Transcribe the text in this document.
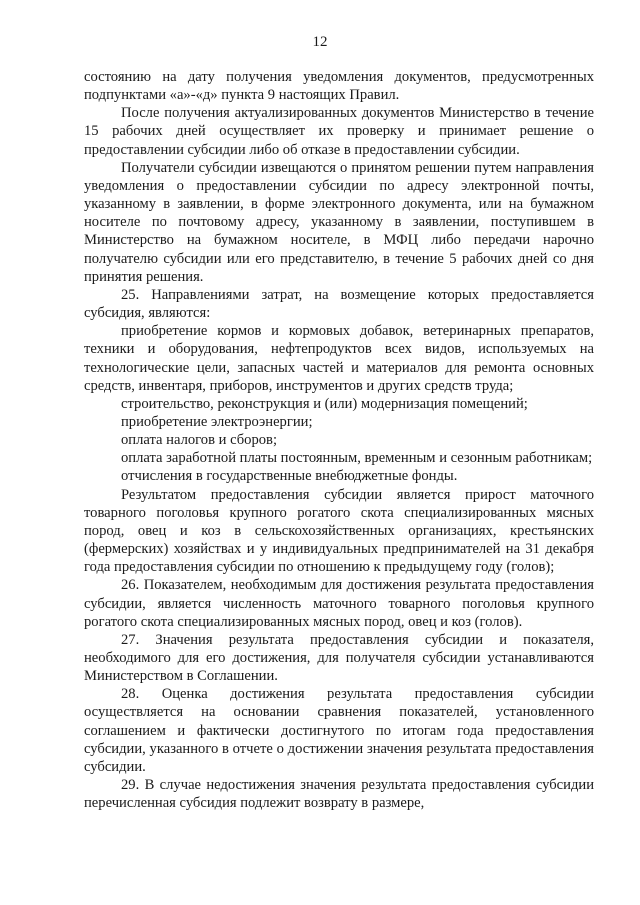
12

состоянию на дату получения уведомления документов, предусмотренных подпунктами «а»-«д» пункта 9 настоящих Правил.

После получения актуализированных документов Министерство в течение 15 рабочих дней осуществляет их проверку и принимает решение о предоставлении субсидии либо об отказе в предоставлении субсидии.

Получатели субсидии извещаются о принятом решении путем направления уведомления о предоставлении субсидии по адресу электронной почты, указанному в заявлении, в форме электронного документа, или на бумажном носителе по почтовому адресу, указанному в заявлении, поступившем в Министерство на бумажном носителе, в МФЦ либо передачи нарочно получателю субсидии или его представителю, в течение 5 рабочих дней со дня принятия решения.

25. Направлениями затрат, на возмещение которых предоставляется субсидия, являются:

приобретение кормов и кормовых добавок, ветеринарных препаратов, техники и оборудования, нефтепродуктов всех видов, используемых на технологические цели, запасных частей и материалов для ремонта основных средств, инвентаря, приборов, инструментов и других средств труда;

строительство, реконструкция и (или) модернизация помещений;

приобретение электроэнергии;

оплата налогов и сборов;

оплата заработной платы постоянным, временным и сезонным работникам;

отчисления в государственные внебюджетные фонды.

Результатом предоставления субсидии является прирост маточного товарного поголовья крупного рогатого скота специализированных мясных пород, овец и коз в сельскохозяйственных организациях, крестьянских (фермерских) хозяйствах и у индивидуальных предпринимателей на 31 декабря года предоставления субсидии по отношению к предыдущему году (голов);

26. Показателем, необходимым для достижения результата предоставления субсидии, является численность маточного товарного поголовья крупного рогатого скота специализированных мясных пород, овец и коз (голов).

27. Значения результата предоставления субсидии и показателя, необходимого для его достижения, для получателя субсидии устанавливаются Министерством в Соглашении.

28. Оценка достижения результата предоставления субсидии осуществляется на основании сравнения показателей, установленного соглашением и фактически достигнутого по итогам года предоставления субсидии, указанного в отчете о достижении значения результата предоставления субсидии.

29. В случае недостижения значения результата предоставления субсидии перечисленная субсидия подлежит возврату в размере,
